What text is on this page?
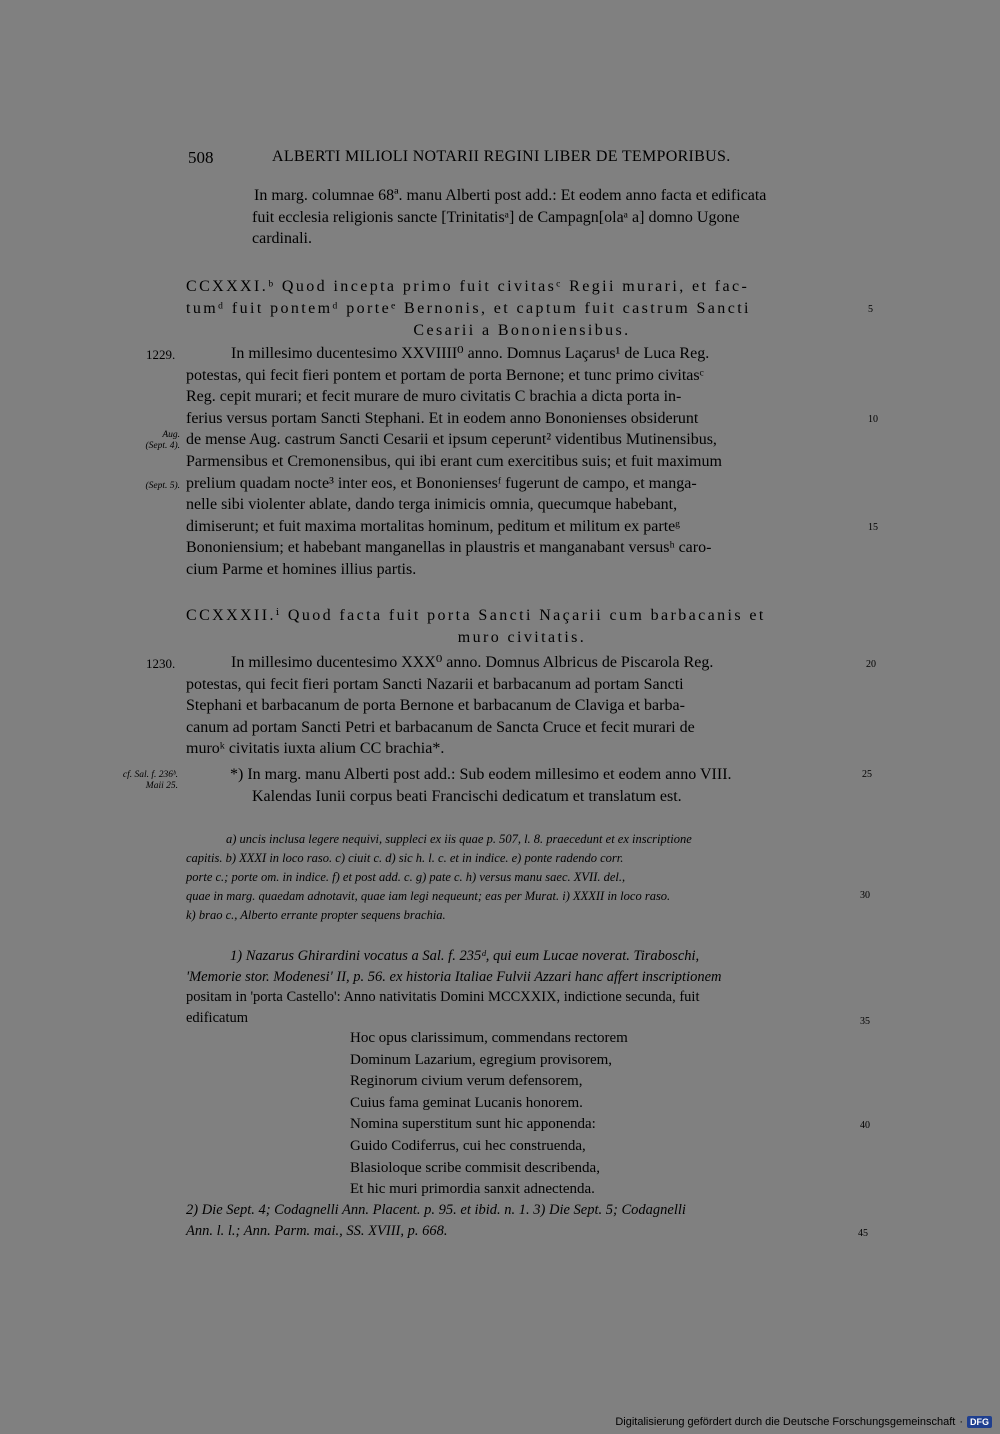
508	ALBERTI MILIOLI NOTARII REGINI LIBER DE TEMPORIBUS.
In marg. columnae 68ª. manu Alberti post add.: Et eodem anno facta et edificata
fuit ecclesia religionis sancte [Trinitatisᵃ] de Campagn[olaᵃ a] domno Ugone
cardinali.
CCXXXI.ᵇ Quod incepta primo fuit civitasᶜ Regii murari, et fac-
tumᵈ fuit pontemᵈ porteᵉ Bernonis, et captum fuit castrum Sancti
Cesarii a Bononiensibus.
5
1229.
Aug.
(Sept. 4).
(Sept. 5).
In millesimo ducentesimo XXVIIII⁰ anno. Domnus Laçarus¹ de Luca Reg.
potestas, qui fecit fieri pontem et portam de porta Bernone; et tunc primo civitasᶜ
Reg. cepit murari; et fecit murare de muro civitatis C brachia a dicta porta in-
ferius versus portam Sancti Stephani. Et in eodem anno Bononienses obsiderunt
de mense Aug. castrum Sancti Cesarii et ipsum ceperunt² videntibus Mutinensibus,
Parmensibus et Cremonensibus, qui ibi erant cum exercitibus suis; et fuit maximum
prelium quadam nocte³ inter eos, et Bononiensesᶠ fugerunt de campo, et manga-
nelle sibi violenter ablate, dando terga inimicis omnia, quecumque habebant,
dimiserunt; et fuit maxima mortalitas hominum, peditum et militum ex parteᵍ
Bononiensium; et habebant manganellas in plaustris et manganabant versusʰ caro-
cium Parme et homines illius partis.
10
15
CCXXXII.ⁱ Quod facta fuit porta Sancti Naçarii cum barbacanis et
muro civitatis.
1230.	20
In millesimo ducentesimo XXX⁰ anno. Domnus Albricus de Piscarola Reg.
potestas, qui fecit fieri portam Sancti Nazarii et barbacanum ad portam Sancti
Stephani et barbacanum de porta Bernone et barbacanum de Claviga et barba-
canum ad portam Sancti Petri et barbacanum de Sancta Cruce et fecit murari de
muroᵏ civitatis iuxta alium CC brachia*.
cf. Sal. f. 236ᵇ.
Maii 25.
*) In marg. manu Alberti post add.: Sub eodem millesimo et eodem anno VIII.
Kalendas Iunii corpus beati Francischi dedicatum et translatum est.
25
a) uncis inclusa legere nequivi, suppleci ex iis quae p. 507, l. 8. praecedunt et ex inscriptione
capitis. b) XXXI in loco raso. c) ciuit c. d) sic h. l. c. et in indice. e) ponte radendo corr.
porte c.; porte om. in indice. f) et post add. c. g) pate c. h) versus manu saec. XVII. del.,
quae in marg. quaedam adnotavit, quae iam legi nequeunt; eas per Murat. i) XXXII in loco raso.
k) brao c., Alberto errante propter sequens brachia.
30
1) Nazarus Ghirardini vocatus a Sal. f. 235ᵈ, qui eum Lucae noverat. Tiraboschi,
'Memorie stor. Modenesi' II, p. 56. ex historia Italiae Fulvii Azzari hanc affert inscriptionem
positam in 'porta Castello': Anno nativitatis Domini MCCXXIX, indictione secunda, fuit
edificatum	35
Hoc opus clarissimum, commendans rectorem
Dominum Lazarium, egregium provisorem,
Reginorum civium verum defensorem,
Cuius fama geminat Lucanis honorem.
Nomina superstitum sunt hic apponenda:
Guido Codiferrus, cui hec construenda,
Blasioloque scribe commisit describenda,
Et hic muri primordia sanxit adnectenda.
40
2) Die Sept. 4; Codagnelli Ann. Placent. p. 95. et ibid. n. 1. 3) Die Sept. 5; Codagnelli
Ann. l. l.; Ann. Parm. mai., SS. XVIII, p. 668.	45
Digitalisierung gefördert durch die Deutsche Forschungsgemeinschaft · DFG
